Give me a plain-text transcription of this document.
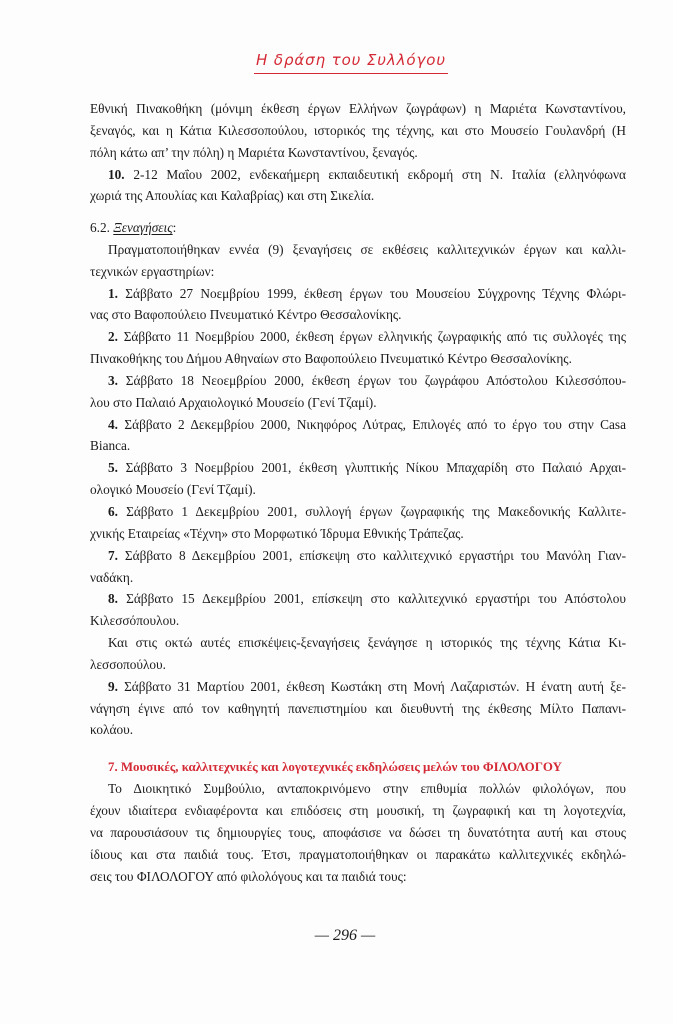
Η δράση του Συλλόγου
Εθνική Πινακοθήκη (μόνιμη έκθεση έργων Ελλήνων ζωγράφων) η Μαριέτα Κωνσταντίνου,
ξεναγός, και η Κάτια Κιλεσσοπούλου, ιστορικός της τέχνης, και στο Μουσείο Γουλανδρή (Η
πόλη κάτω απ’ την πόλη) η Μαριέτα Κωνσταντίνου, ξεναγός.
10. 2-12 Μαΐου 2002, ενδεκαήμερη εκπαιδευτική εκδρομή στη Ν. Ιταλία (ελληνόφωνα
χωριά της Απουλίας και Καλαβρίας) και στη Σικελία.
6.2. Ξεναγήσεις:
Πραγματοποιήθηκαν εννέα (9) ξεναγήσεις σε εκθέσεις καλλιτεχνικών έργων και καλλι-
τεχνικών εργαστηρίων:
1. Σάββατο 27 Νοεμβρίου 1999, έκθεση έργων του Μουσείου Σύγχρονης Τέχνης Φλώρι-
νας στο Βαφοπούλειο Πνευματικό Κέντρο Θεσσαλονίκης.
2. Σάββατο 11 Νοεμβρίου 2000, έκθεση έργων ελληνικής ζωγραφικής από τις συλλογές της
Πινακοθήκης του Δήμου Αθηναίων στο Βαφοπούλειο Πνευματικό Κέντρο Θεσσαλονίκης.
3. Σάββατο 18 Νεοεμβρίου 2000, έκθεση έργων του ζωγράφου Απόστολου Κιλεσσόπου-
λου στο Παλαιό Αρχαιολογικό Μουσείο (Γενί Τζαμί).
4. Σάββατο 2 Δεκεμβρίου 2000, Νικηφόρος Λύτρας, Επιλογές από το έργο του στην Casa
Bianca.
5. Σάββατο 3 Νοεμβρίου 2001, έκθεση γλυπτικής Νίκου Μπαχαρίδη στο Παλαιό Αρχαι-
ολογικό Μουσείο (Γενί Τζαμί).
6. Σάββατο 1 Δεκεμβρίου 2001, συλλογή έργων ζωγραφικής της Μακεδονικής Καλλιτε-
χνικής Εταιρείας «Τέχνη» στο Μορφωτικό Ίδρυμα Εθνικής Τράπεζας.
7. Σάββατο 8 Δεκεμβρίου 2001, επίσκεψη στο καλλιτεχνικό εργαστήρι του Μανόλη Γιαν-
ναδάκη.
8. Σάββατο 15 Δεκεμβρίου 2001, επίσκεψη στο καλλιτεχνικό εργαστήρι του Απόστολου
Κιλεσσόπουλου.
Και στις οκτώ αυτές επισκέψεις-ξεναγήσεις ξενάγησε η ιστορικός της τέχνης Κάτια Κι-
λεσσοπούλου.
9. Σάββατο 31 Μαρτίου 2001, έκθεση Κωστάκη στη Μονή Λαζαριστών. Η ένατη αυτή ξε-
νάγηση έγινε από τον καθηγητή πανεπιστημίου και διευθυντή της έκθεσης Μίλτο Παπανι-
κολάου.
7. Μουσικές, καλλιτεχνικές και λογοτεχνικές εκδηλώσεις μελών του ΦΙΛΟΛΟΓΟΥ
Το Διοικητικό Συμβούλιο, ανταποκρινόμενο στην επιθυμία πολλών φιλολόγων, που
έχουν ιδιαίτερα ενδιαφέροντα και επιδόσεις στη μουσική, τη ζωγραφική και τη λογοτεχνία,
να παρουσιάσουν τις δημιουργίες τους, αποφάσισε να δώσει τη δυνατότητα αυτή και στους
ίδιους και στα παιδιά τους. Έτσι, πραγματοποιήθηκαν οι παρακάτω καλλιτεχνικές εκδηλώ-
σεις του ΦΙΛΟΛΟΓΟΥ από φιλολόγους και τα παιδιά τους:
— 296 —
